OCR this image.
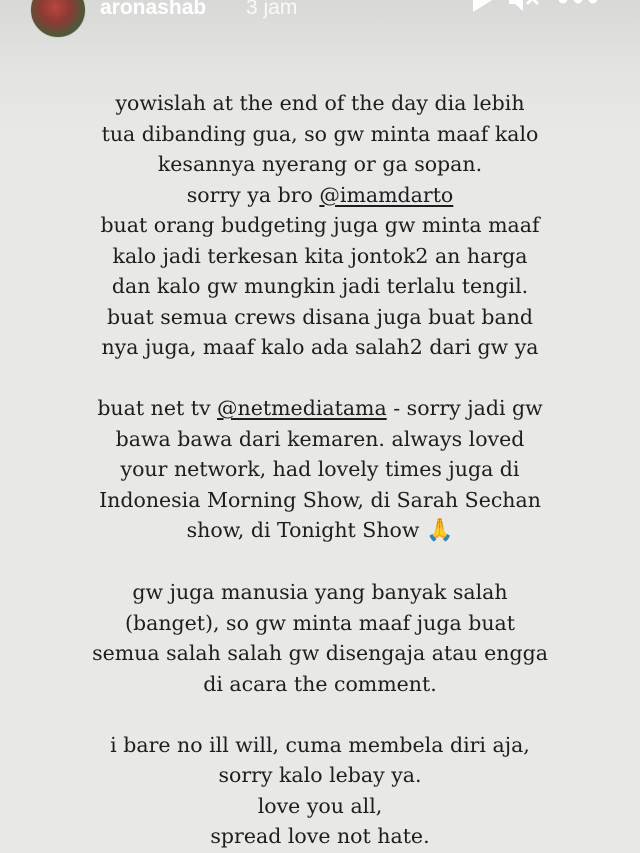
aronashab 3 jam
yowislah at the end of the day dia lebih
tua dibanding gua, so gw minta maaf kalo
kesannya nyerang or ga sopan.
sorry ya bro @imamdarto
buat orang budgeting juga gw minta maaf
kalo jadi terkesan kita jontok2 an harga
dan kalo gw mungkin jadi terlalu tengil.
buat semua crews disana juga buat band
nya juga, maaf kalo ada salah2 dari gw ya
buat net tv @netmediatama - sorry jadi gw
bawa bawa dari kemaren. always loved
your network, had lovely times juga di
Indonesia Morning Show, di Sarah Sechan
show, di Tonight Show 🙏
gw juga manusia yang banyak salah
(banget), so gw minta maaf juga buat
semua salah salah gw disengaja atau engga
di acara the comment.
i bare no ill will, cuma membela diri aja,
sorry kalo lebay ya.
love you all,
spread love not hate.
